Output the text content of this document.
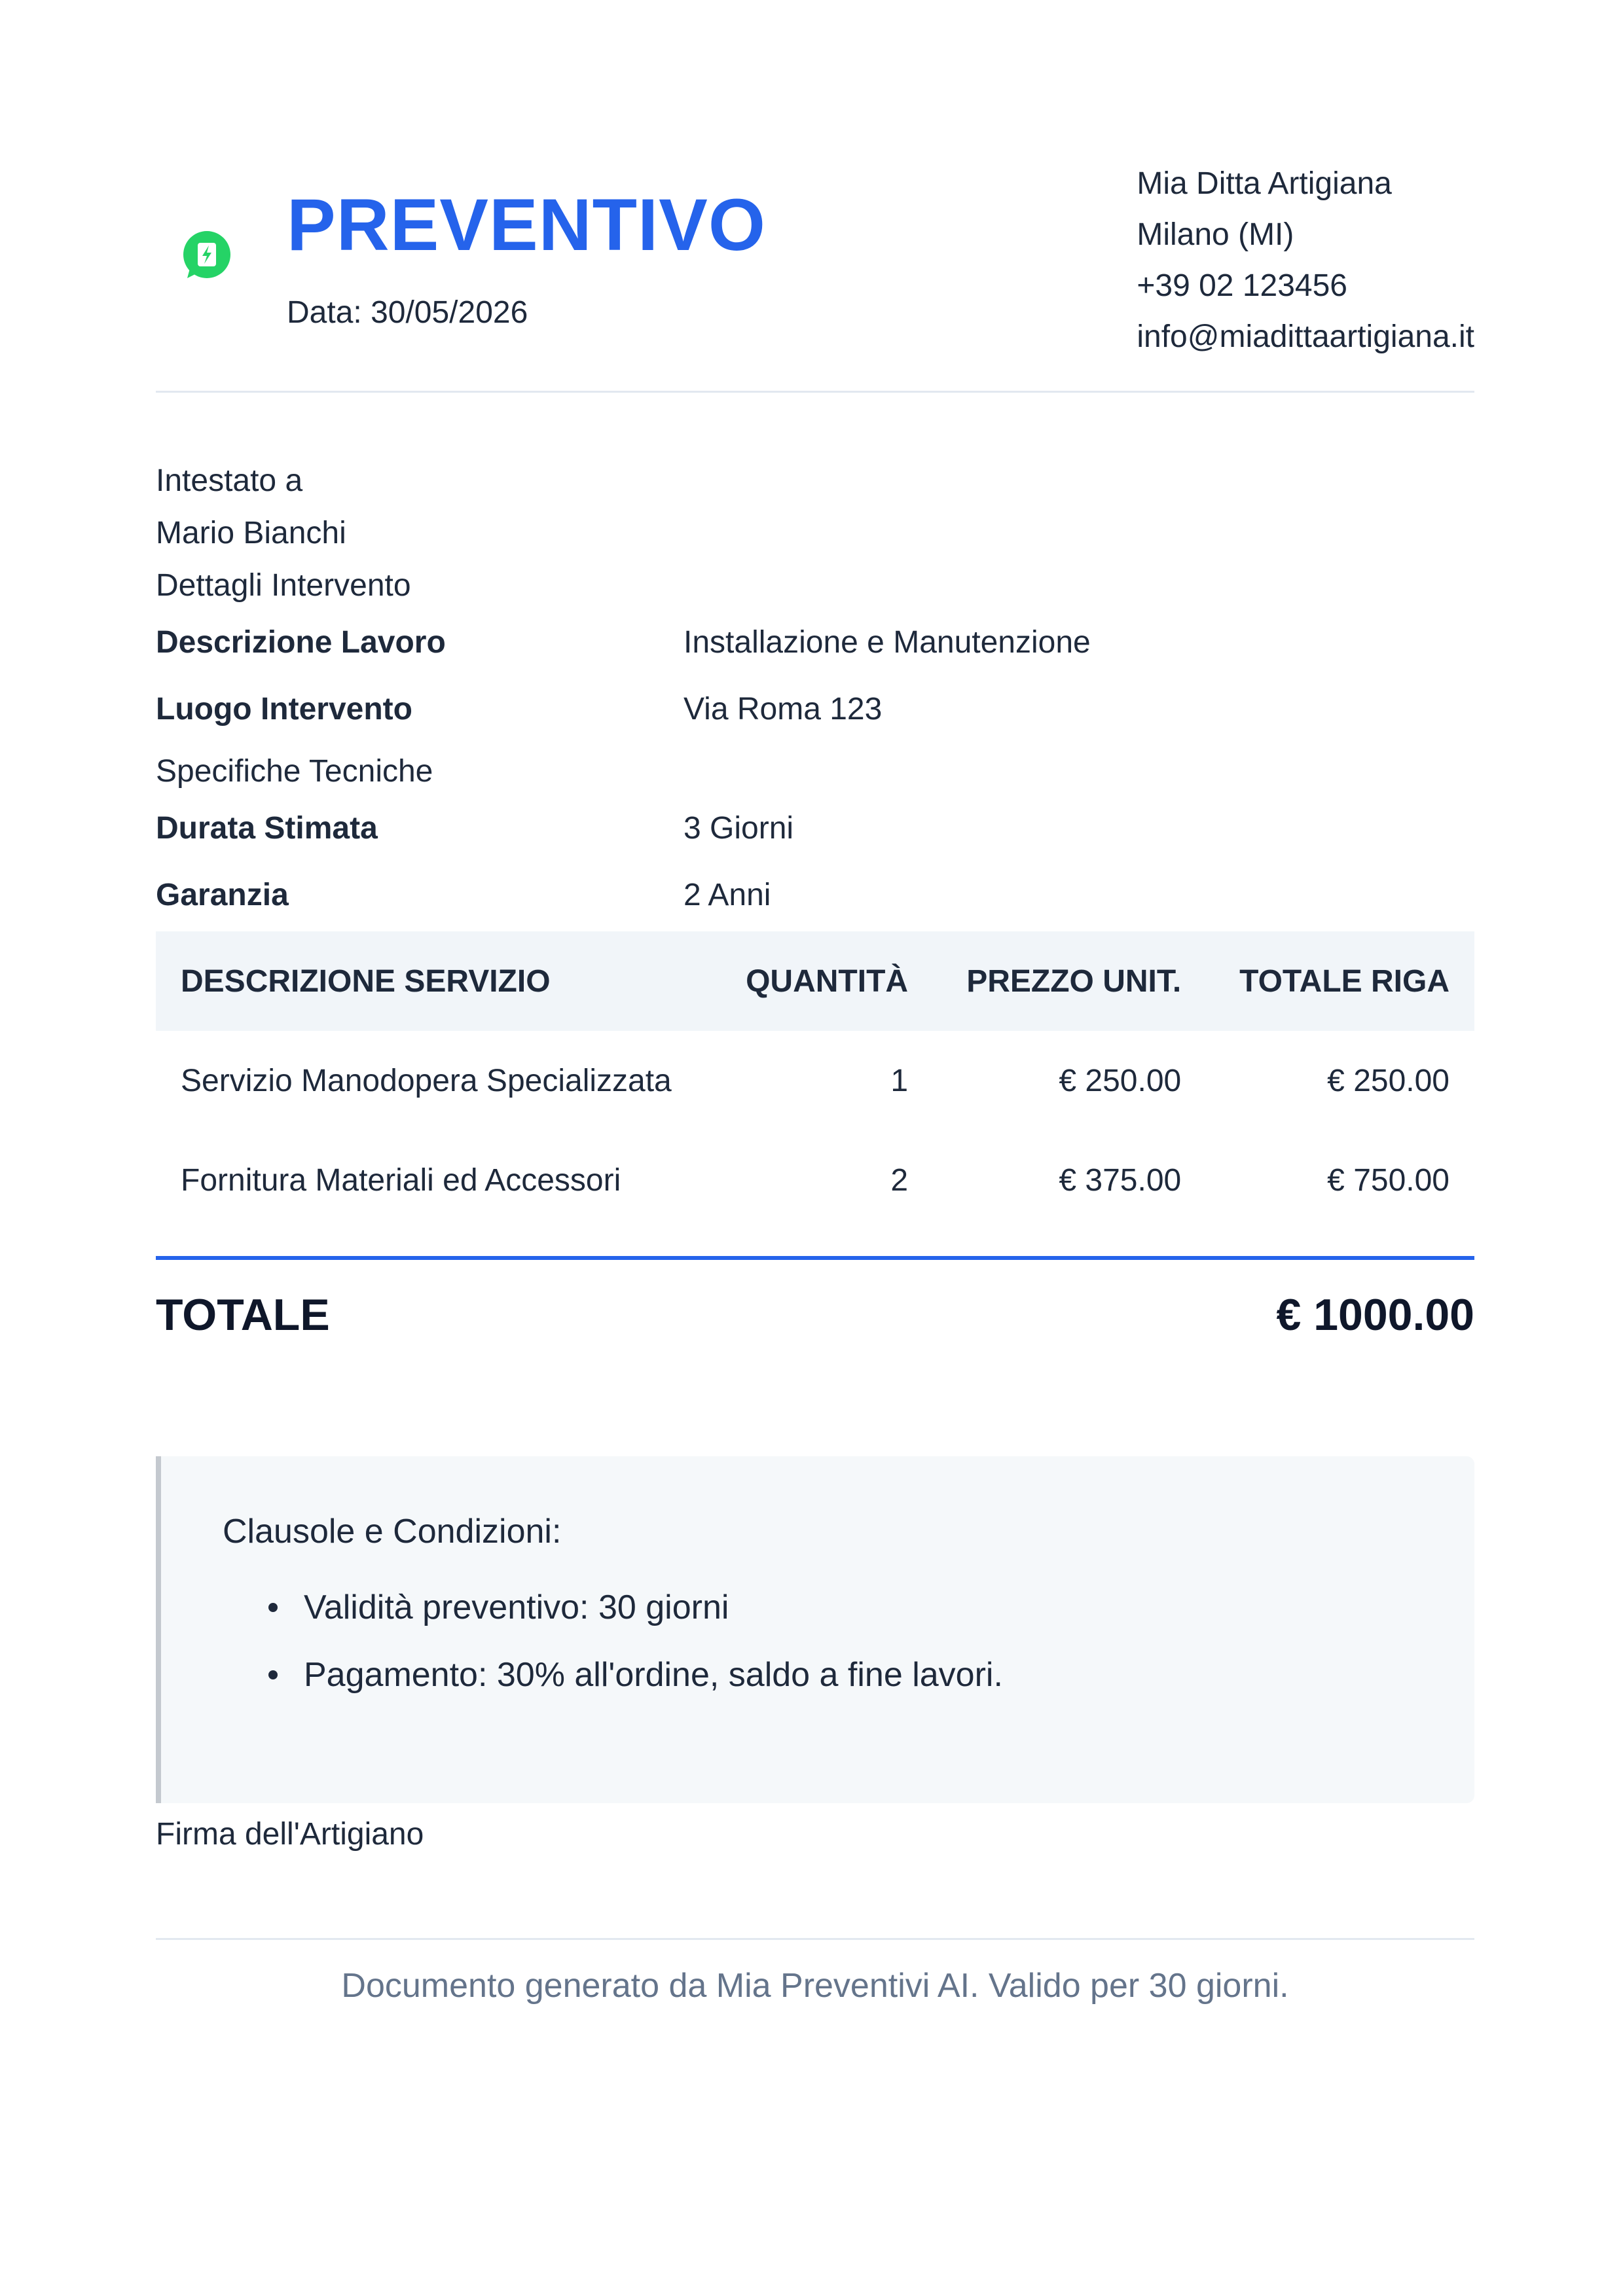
PREVENTIVO
Data: 30/05/2026
Mia Ditta Artigiana
Milano (MI)
+39 02 123456
info@miadittaartigiana.it
Intestato a
Mario Bianchi
Dettagli Intervento
Descrizione Lavoro	Installazione e Manutenzione
Luogo Intervento	Via Roma 123
Specifiche Tecniche
Durata Stimata	3 Giorni
Garanzia	2 Anni
DESCRIZIONE SERVIZIO	QUANTITÀ	PREZZO UNIT.	TOTALE RIGA
Servizio Manodopera Specializzata	1	€ 250.00	€ 250.00
Fornitura Materiali ed Accessori	2	€ 375.00	€ 750.00
TOTALE	€ 1000.00
Clausole e Condizioni:
Validità preventivo: 30 giorni
Pagamento: 30% all'ordine, saldo a fine lavori.
Firma dell'Artigiano
Documento generato da Mia Preventivi AI. Valido per 30 giorni.
